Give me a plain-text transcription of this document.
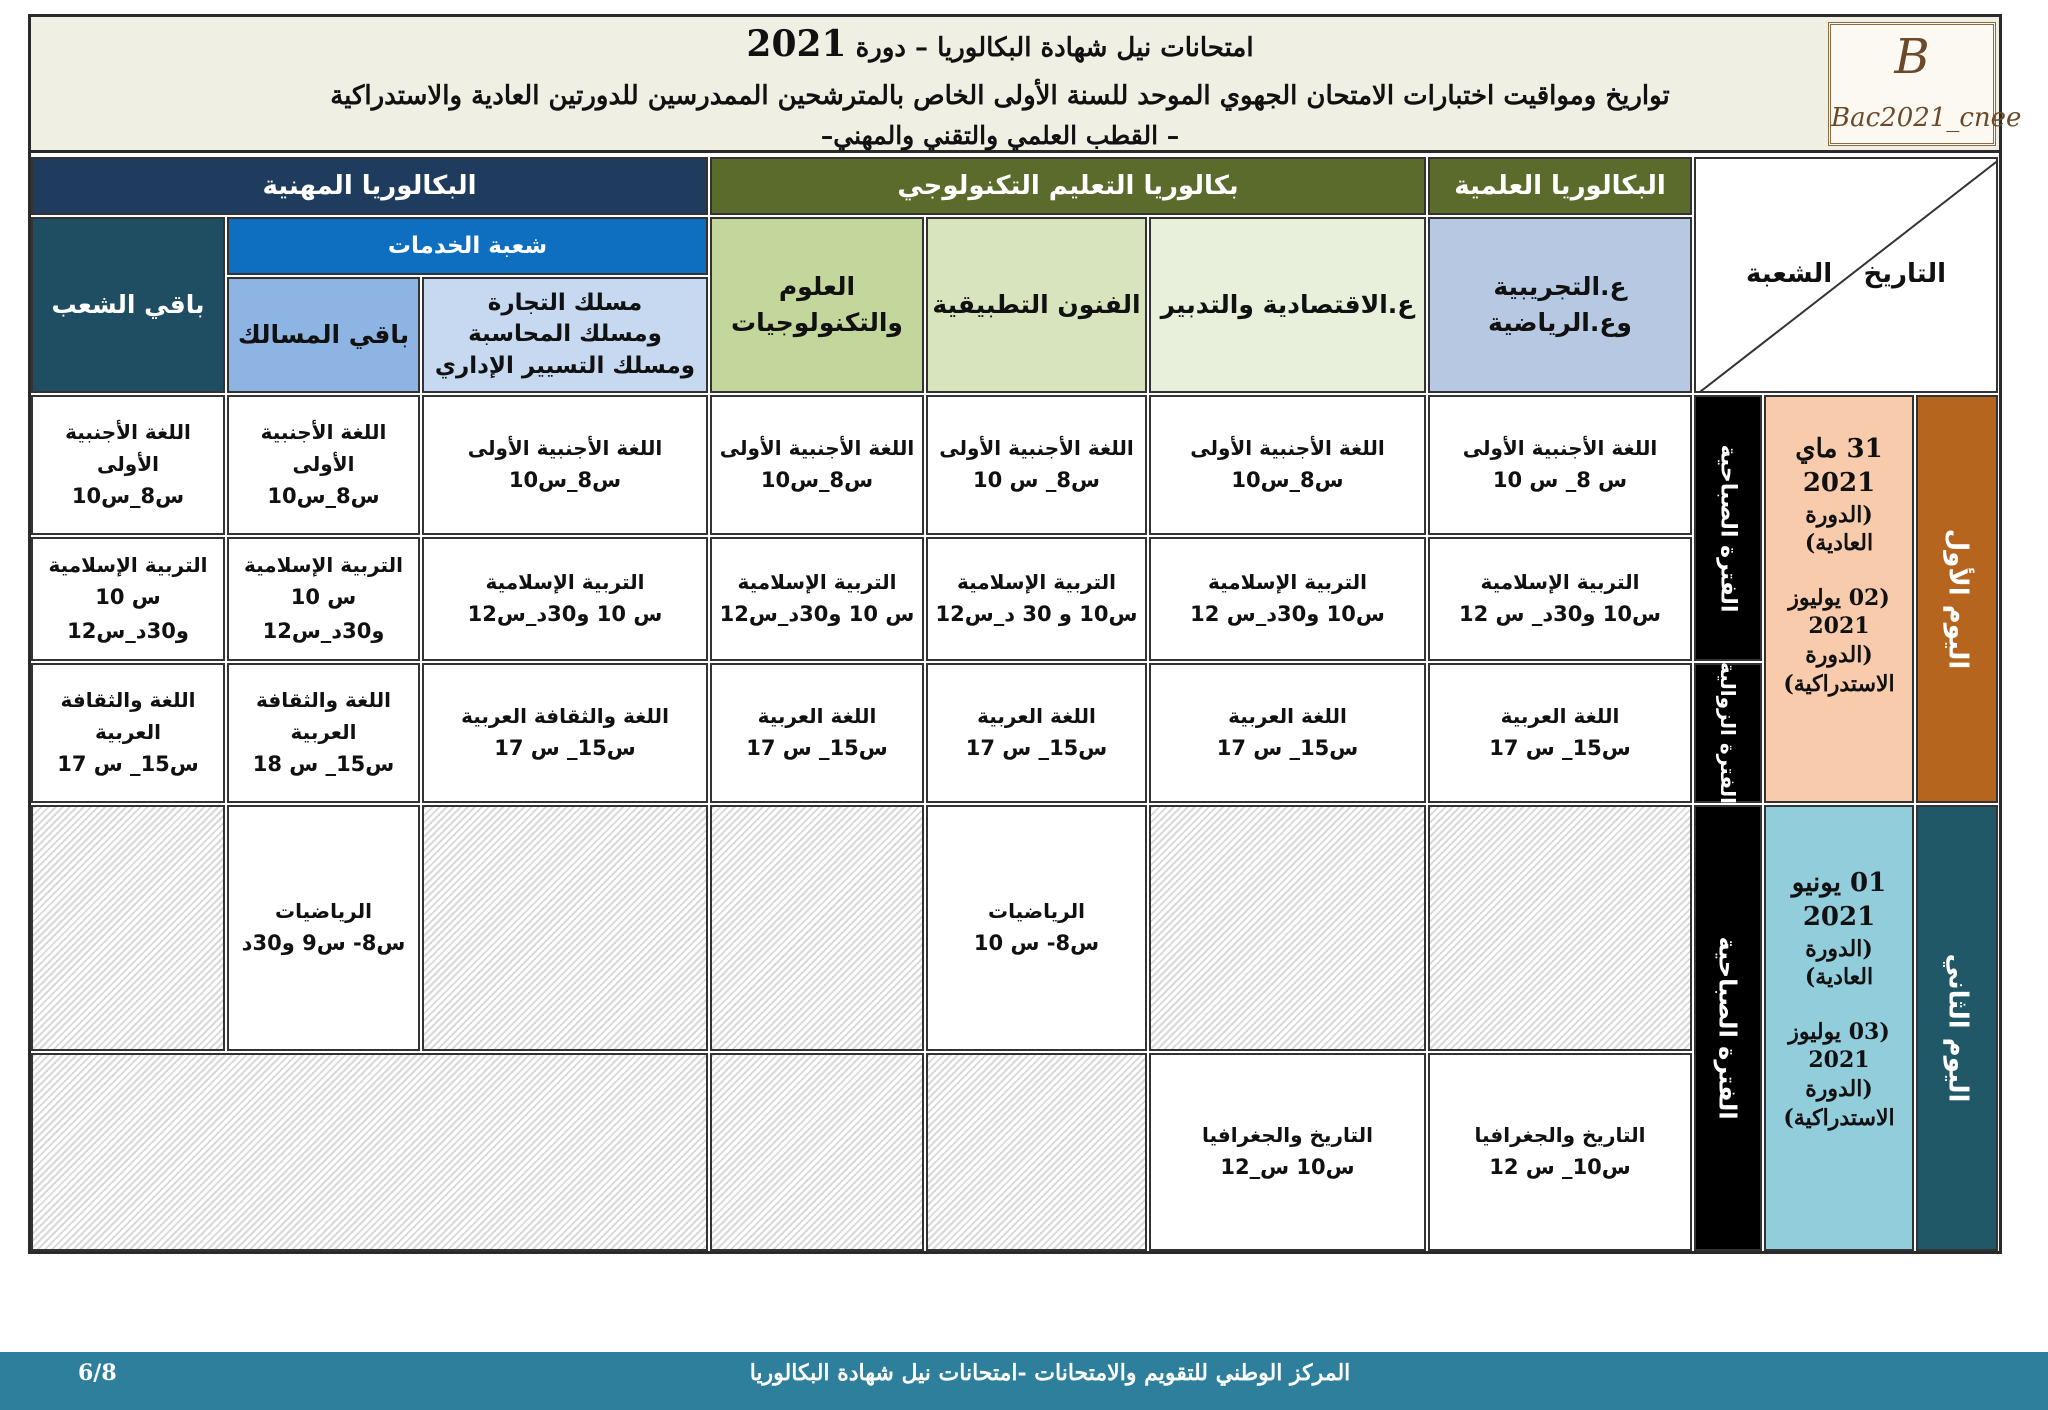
امتحانات نيل شهادة البكالوريا – دورة 2021
تواريخ ومواقيت اختبارات الامتحان الجهوي الموحد للسنة الأولى الخاص بالمترشحين الممدرسين للدورتين العادية والاستدراكية
– القطب العلمي والتقني والمهني–
B
Bac2021_cnee
البكالوريا العلمية
بكالوريا التعليم التكنولوجي
البكالوريا المهنية
التاريخ
الشعبة
شعبة الخدمات
ع.التجريبية
وع.الرياضية
ع.الاقتصادية والتدبير
الفنون التطبيقية
العلوم
والتكنولوجيات
مسلك التجارة
ومسلك المحاسبة
ومسلك التسيير الإداري
باقي المسالك
باقي الشعب
اليوم الأول
اليوم الثاني
31 ماي
2021
(الدورة
العادية)
(02 يوليوز
2021
(الدورة
الاستدراكية)
01 يونيو
2021
(الدورة
العادية)
(03 يوليوز
2021
(الدورة
الاستدراكية)
الفترة الصباحية
الفترة الزوالية
الفترة الصباحية
اللغة الأجنبية الأولى
س 8_ س 10
اللغة الأجنبية الأولى
س8_س10
اللغة الأجنبية الأولى
س8_ س 10
اللغة الأجنبية الأولى
س8_س10
اللغة الأجنبية الأولى
س8_س10
اللغة الأجنبية الأولى
س8_س10
اللغة الأجنبية الأولى
س8_س10
التربية الإسلامية
س10 و30د_ س 12
التربية الإسلامية
س10 و30د_س 12
التربية الإسلامية
س10 و 30 د_س12
التربية الإسلامية
س 10 و30د_س12
التربية الإسلامية
س 10 و30د_س12
التربية الإسلامية
س 10 و30د_س12
التربية الإسلامية
س 10 و30د_س12
اللغة العربية
س15_ س 17
اللغة العربية
س15_ س 17
اللغة العربية
س15_ س 17
اللغة العربية
س15_ س 17
اللغة والثقافة العربية
س15_ س 17
اللغة والثقافة العربية
س15_ س 18
اللغة والثقافة العربية
س15_ س 17
الرياضيات
س8- س 10
الرياضيات
س8- س9 و30د
التاريخ والجغرافيا
س10_ س 12
التاريخ والجغرافيا
س10 س_12
المركز الوطني للتقويم والامتحانات -امتحانات نيل شهادة البكالوريا
6/8
